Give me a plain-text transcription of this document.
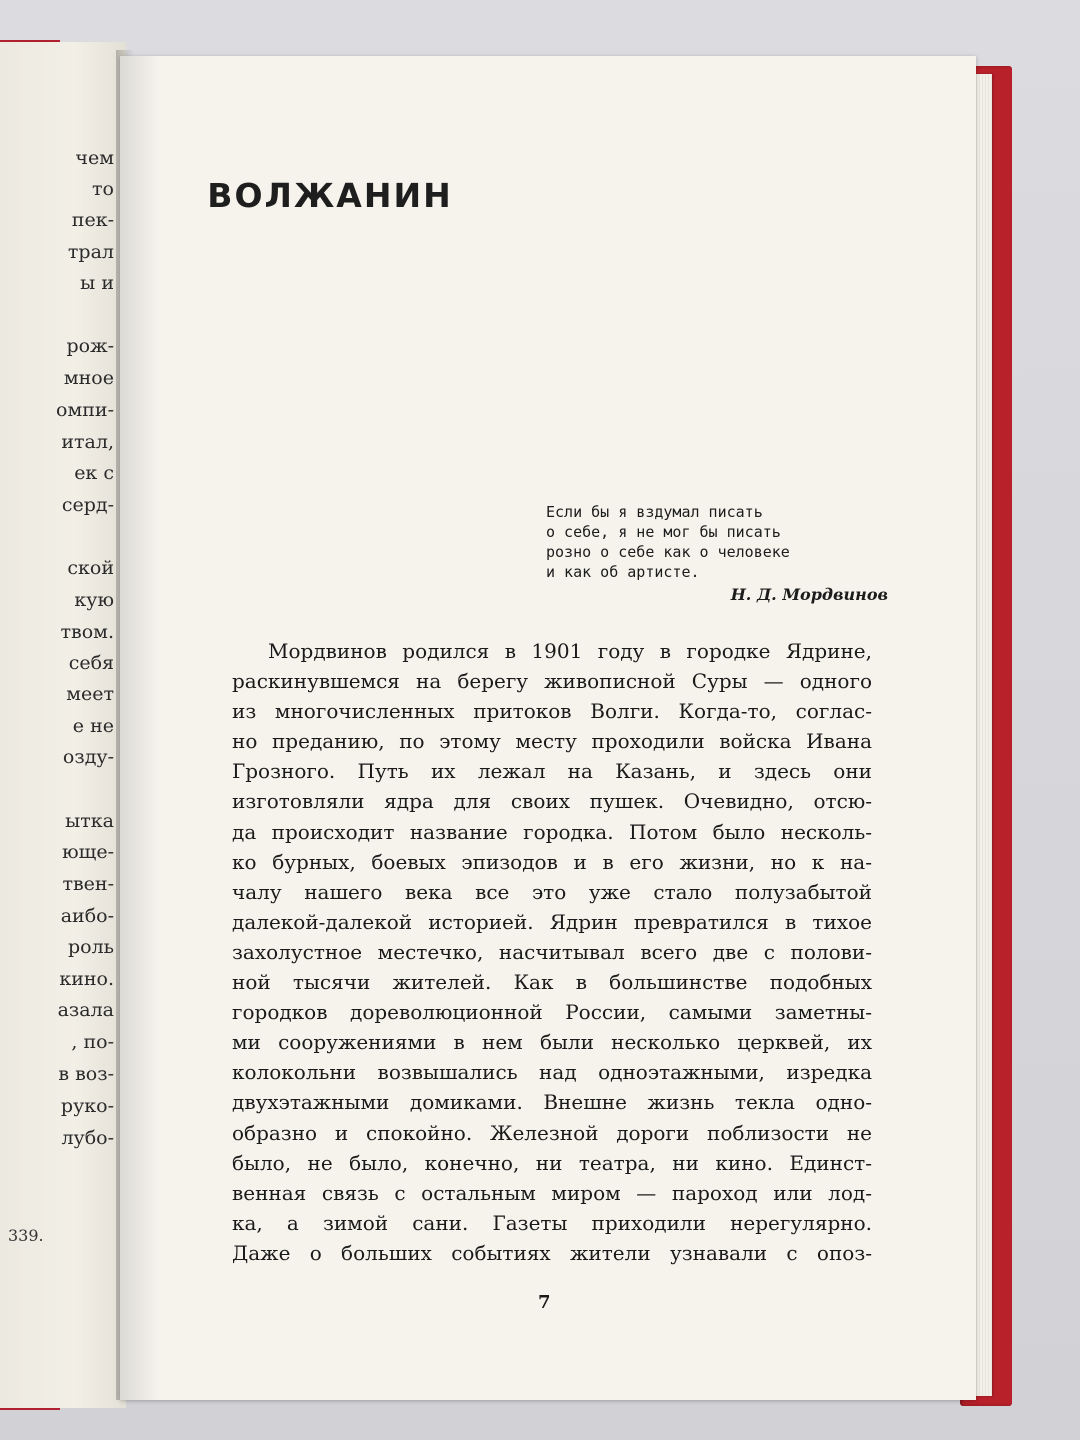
339.
чем
то
пек-
трал
ы и
рож-
мное
омпи-
итал,
ек с
серд-
ской
кую
твом.
себя
меет
е не
озду-
ытка
юще-
твен-
аибо-
роль
кино.
азала
, по-
в воз-
руко-
лубо-
ВОЛЖАНИН
Если бы я вздумал писать
о себе, я не мог бы писать
розно о себе как о человеке
и как об артисте.
Н. Д. Мордвинов
Мордвинов родился в 1901 году в городке Ядрине,
раскинувшемся на берегу живописной Суры — одного
из многочисленных притоков Волги. Когда-то, соглас-
но преданию, по этому месту проходили войска Ивана
Грозного. Путь их лежал на Казань, и здесь они
изготовляли ядра для своих пушек. Очевидно, отсю-
да происходит название городка. Потом было несколь-
ко бурных, боевых эпизодов и в его жизни, но к на-
чалу нашего века все это уже стало полузабытой
далекой-далекой историей. Ядрин превратился в тихое
захолустное местечко, насчитывал всего две с полови-
ной тысячи жителей. Как в большинстве подобных
городков дореволюционной России, самыми заметны-
ми сооружениями в нем были несколько церквей, их
колокольни возвышались над одноэтажными, изредка
двухэтажными домиками. Внешне жизнь текла одно-
образно и спокойно. Железной дороги поблизости не
было, не было, конечно, ни театра, ни кино. Единст-
венная связь с остальным миром — пароход или лод-
ка, а зимой сани. Газеты приходили нерегулярно.
Даже о больших событиях жители узнавали с опоз-
7
